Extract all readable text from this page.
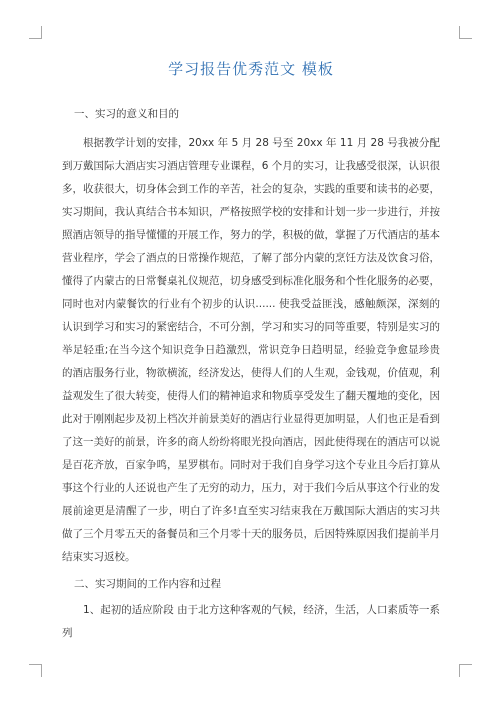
学习报告优秀范文 模板
一、实习的意义和目的
根据教学计划的安排，20xx 年 5 月 28 号至 20xx 年 11 月 28 号我被分配到万戴国际大酒店实习酒店管理专业课程，6 个月的实习，让我感受很深，认识很多，收获很大，切身体会到工作的辛苦，社会的复杂，实践的重要和读书的必要，实习期间，我认真结合书本知识，严格按照学校的安排和计划一步一步进行，并按照酒店领导的指导懂懂的开展工作，努力的学，积极的做，掌握了万代酒店的基本营业程序，学会了酒点的日常操作规范，了解了部分内蒙的烹饪方法及饮食习俗，懂得了内蒙古的日常餐桌礼仪规范，切身感受到标准化服务和个性化服务的必要，同时也对内蒙餐饮的行业有个初步的认识...... 使我受益匪浅，感触颇深，深刻的认识到学习和实习的紧密结合，不可分割，学习和实习的同等重要，特别是实习的举足轻重;在当今这个知识竞争日趋激烈，常识竞争日趋明显，经验竞争愈显珍贵的酒店服务行业，物欲横流，经济发达，使得人们的人生观，金钱观，价值观，利益观发生了很大转变，使得人们的精神追求和物质享受发生了翻天覆地的变化，因此对于刚刚起步及初上档次并前景美好的酒店行业显得更加明显，人们也正是看到了这一美好的前景，许多的商人纷纷将眼光投向酒店，因此使得现在的酒店可以说是百花齐放，百家争鸣，星罗棋布。同时对于我们自身学习这个专业且今后打算从事这个行业的人还说也产生了无穷的动力，压力，对于我们今后从事这个行业的发展前途更是清醒了一步，明白了许多!直至实习结束我在万戴国际大酒店的实习共做了三个月零五天的备餐员和三个月零十天的服务员，后因特殊原因我们提前半月结束实习返校。
二、实习期间的工作内容和过程
1、起初的适应阶段 由于北方这种客观的气候，经济，生活，人口素质等一系列
